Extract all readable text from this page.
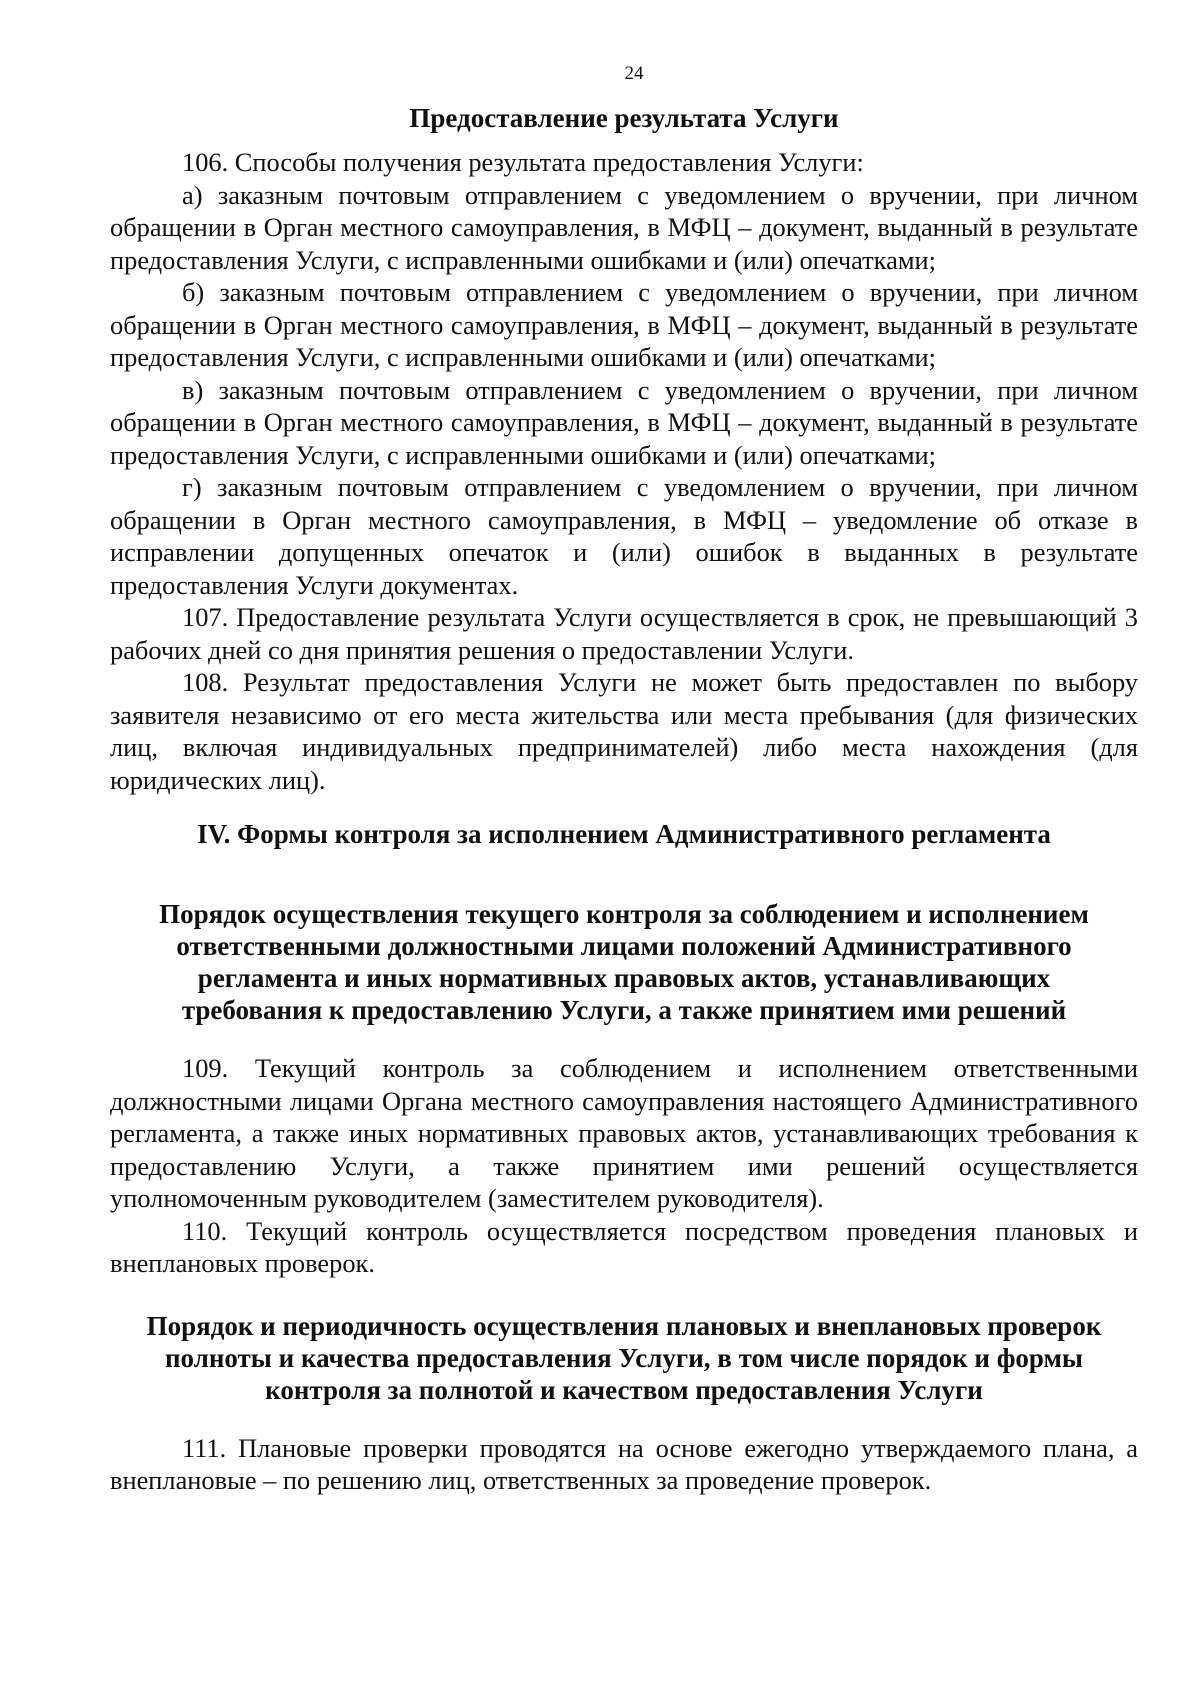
24
Предоставление результата Услуги

106. Способы получения результата предоставления Услуги:

а) заказным почтовым отправлением с уведомлением о вручении, при личном обращении в Орган местного самоуправления, в МФЦ – документ, выданный в результате предоставления Услуги, с исправленными ошибками и (или) опечатками;

б) заказным почтовым отправлением с уведомлением о вручении, при личном обращении в Орган местного самоуправления, в МФЦ – документ, выданный в результате предоставления Услуги, с исправленными ошибками и (или) опечатками;

в) заказным почтовым отправлением с уведомлением о вручении, при личном обращении в Орган местного самоуправления, в МФЦ – документ, выданный в результате предоставления Услуги, с исправленными ошибками и (или) опечатками;

г) заказным почтовым отправлением с уведомлением о вручении, при личном обращении в Орган местного самоуправления, в МФЦ – уведомление об отказе в исправлении допущенных опечаток и (или) ошибок в выданных в результате предоставления Услуги документах.

107. Предоставление результата Услуги осуществляется в срок, не превышающий 3 рабочих дней со дня принятия решения о предоставлении Услуги.

108. Результат предоставления Услуги не может быть предоставлен по выбору заявителя независимо от его места жительства или места пребывания (для физических лиц, включая индивидуальных предпринимателей) либо места нахождения (для юридических лиц).

IV. Формы контроля за исполнением Административного регламента
Порядок осуществления текущего контроля за соблюдением и исполнением ответственными должностными лицами положений Административного регламента и иных нормативных правовых актов, устанавливающих требования к предоставлению Услуги, а также принятием ими решений

109. Текущий контроль за соблюдением и исполнением ответственными должностными лицами Органа местного самоуправления настоящего Административного регламента, а также иных нормативных правовых актов, устанавливающих требования к предоставлению Услуги, а также принятием ими решений осуществляется уполномоченным руководителем (заместителем руководителя).

110. Текущий контроль осуществляется посредством проведения плановых и внеплановых проверок.

Порядок и периодичность осуществления плановых и внеплановых проверок полноты и качества предоставления Услуги, в том числе порядок и формы контроля за полнотой и качеством предоставления Услуги

111. Плановые проверки проводятся на основе ежегодно утверждаемого плана, а внеплановые – по решению лиц, ответственных за проведение проверок.
